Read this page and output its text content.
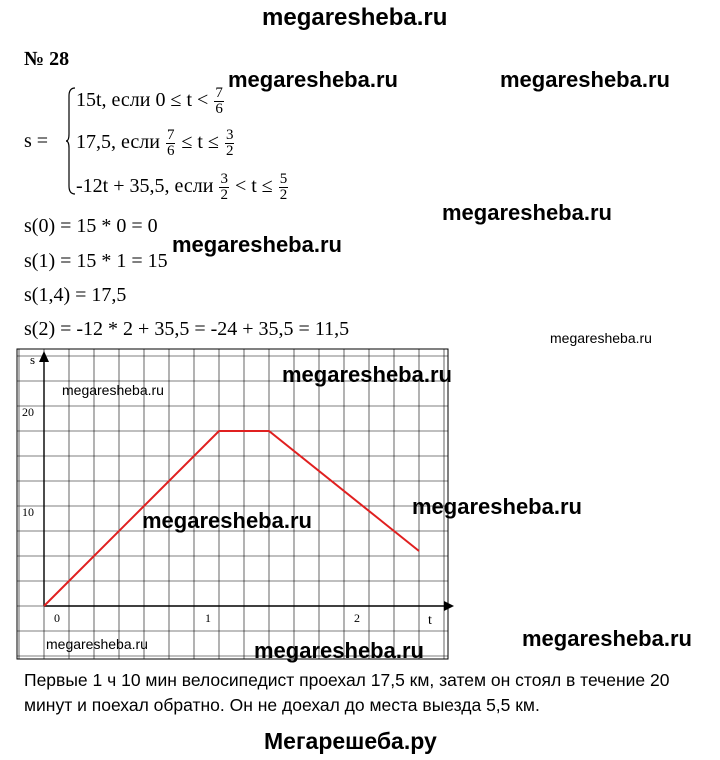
megaresheba.ru
№ 28
megaresheba.ru	megaresheba.ru
megaresheba.ru
megaresheba.ru
megaresheba.ru
s =
15t, если $0 \le t < \frac{7}{6}$
17,5, если $\frac{7}{6} \le t \le \frac{3}{2}$
-12t + 35,5, если $\frac{3}{2} < t \le \frac{5}{2}$
s(0) = 15 * 0 = 0
s(1) = 15 * 1 = 15
s(1,4) = 17,5
s(2) = -12 * 2 + 35,5 = -24 + 35,5 = 11,5
s
t
0	1	2
10
20
megaresheba.ru
megaresheba.ru
megaresheba.ru
megaresheba.ru
megaresheba.ru	megaresheba.ru	megaresheba.ru
Первые 1 ч 10 мин велосипедист проехал 17,5 км, затем он стоял в течение 20 минут и поехал обратно. Он не доехал до места выезда 5,5 км.
Мегарешеба.ру
